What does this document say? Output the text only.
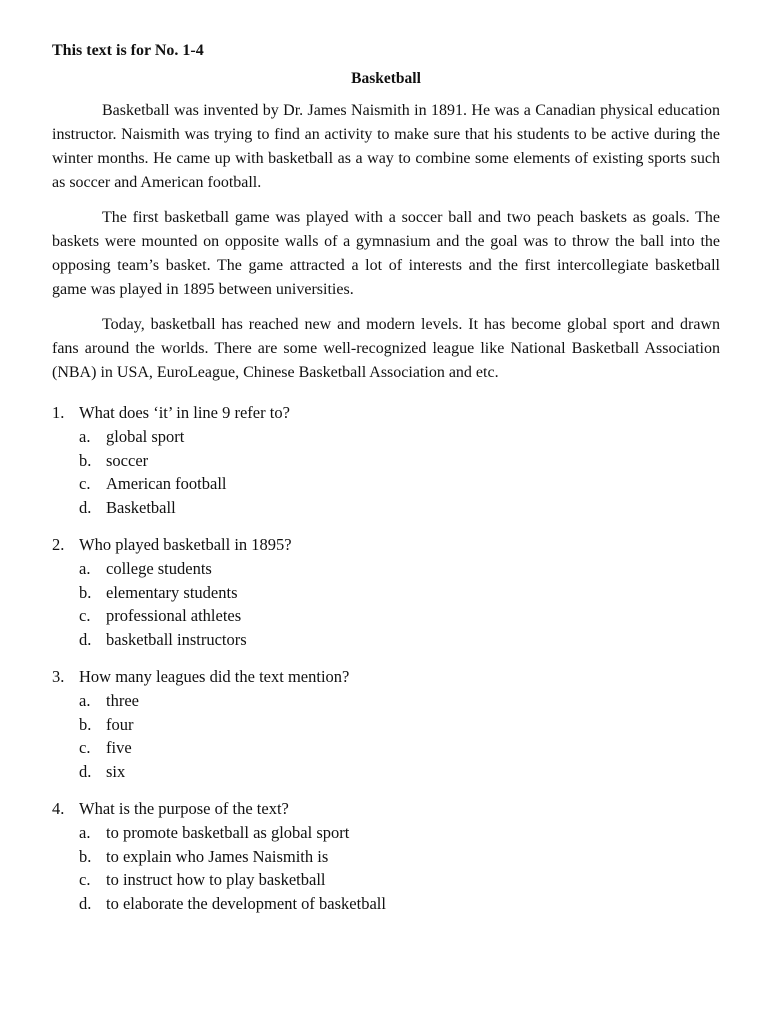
This text is for No. 1-4
Basketball

Basketball was invented by Dr. James Naismith in 1891. He was a Canadian physical education instructor. Naismith was trying to find an activity to make sure that his students to be active during the winter months. He came up with basketball as a way to combine some elements of existing sports such as soccer and American football.

The first basketball game was played with a soccer ball and two peach baskets as goals. The baskets were mounted on opposite walls of a gymnasium and the goal was to throw the ball into the opposing team’s basket. The game attracted a lot of interests and the first intercollegiate basketball game was played in 1895 between universities.

Today, basketball has reached new and modern levels. It has become global sport and drawn fans around the worlds. There are some well-recognized league like National Basketball Association (NBA) in USA, EuroLeague, Chinese Basketball Association and etc.

1. What does ‘it’ in line 9 refer to?
a. global sport
b. soccer
c. American football
d. Basketball
2. Who played basketball in 1895?
a. college students
b. elementary students
c. professional athletes
d. basketball instructors
3. How many leagues did the text mention?
a. three
b. four
c. five
d. six
4. What is the purpose of the text?
a. to promote basketball as global sport
b. to explain who James Naismith is
c. to instruct how to play basketball
d. to elaborate the development of basketball
